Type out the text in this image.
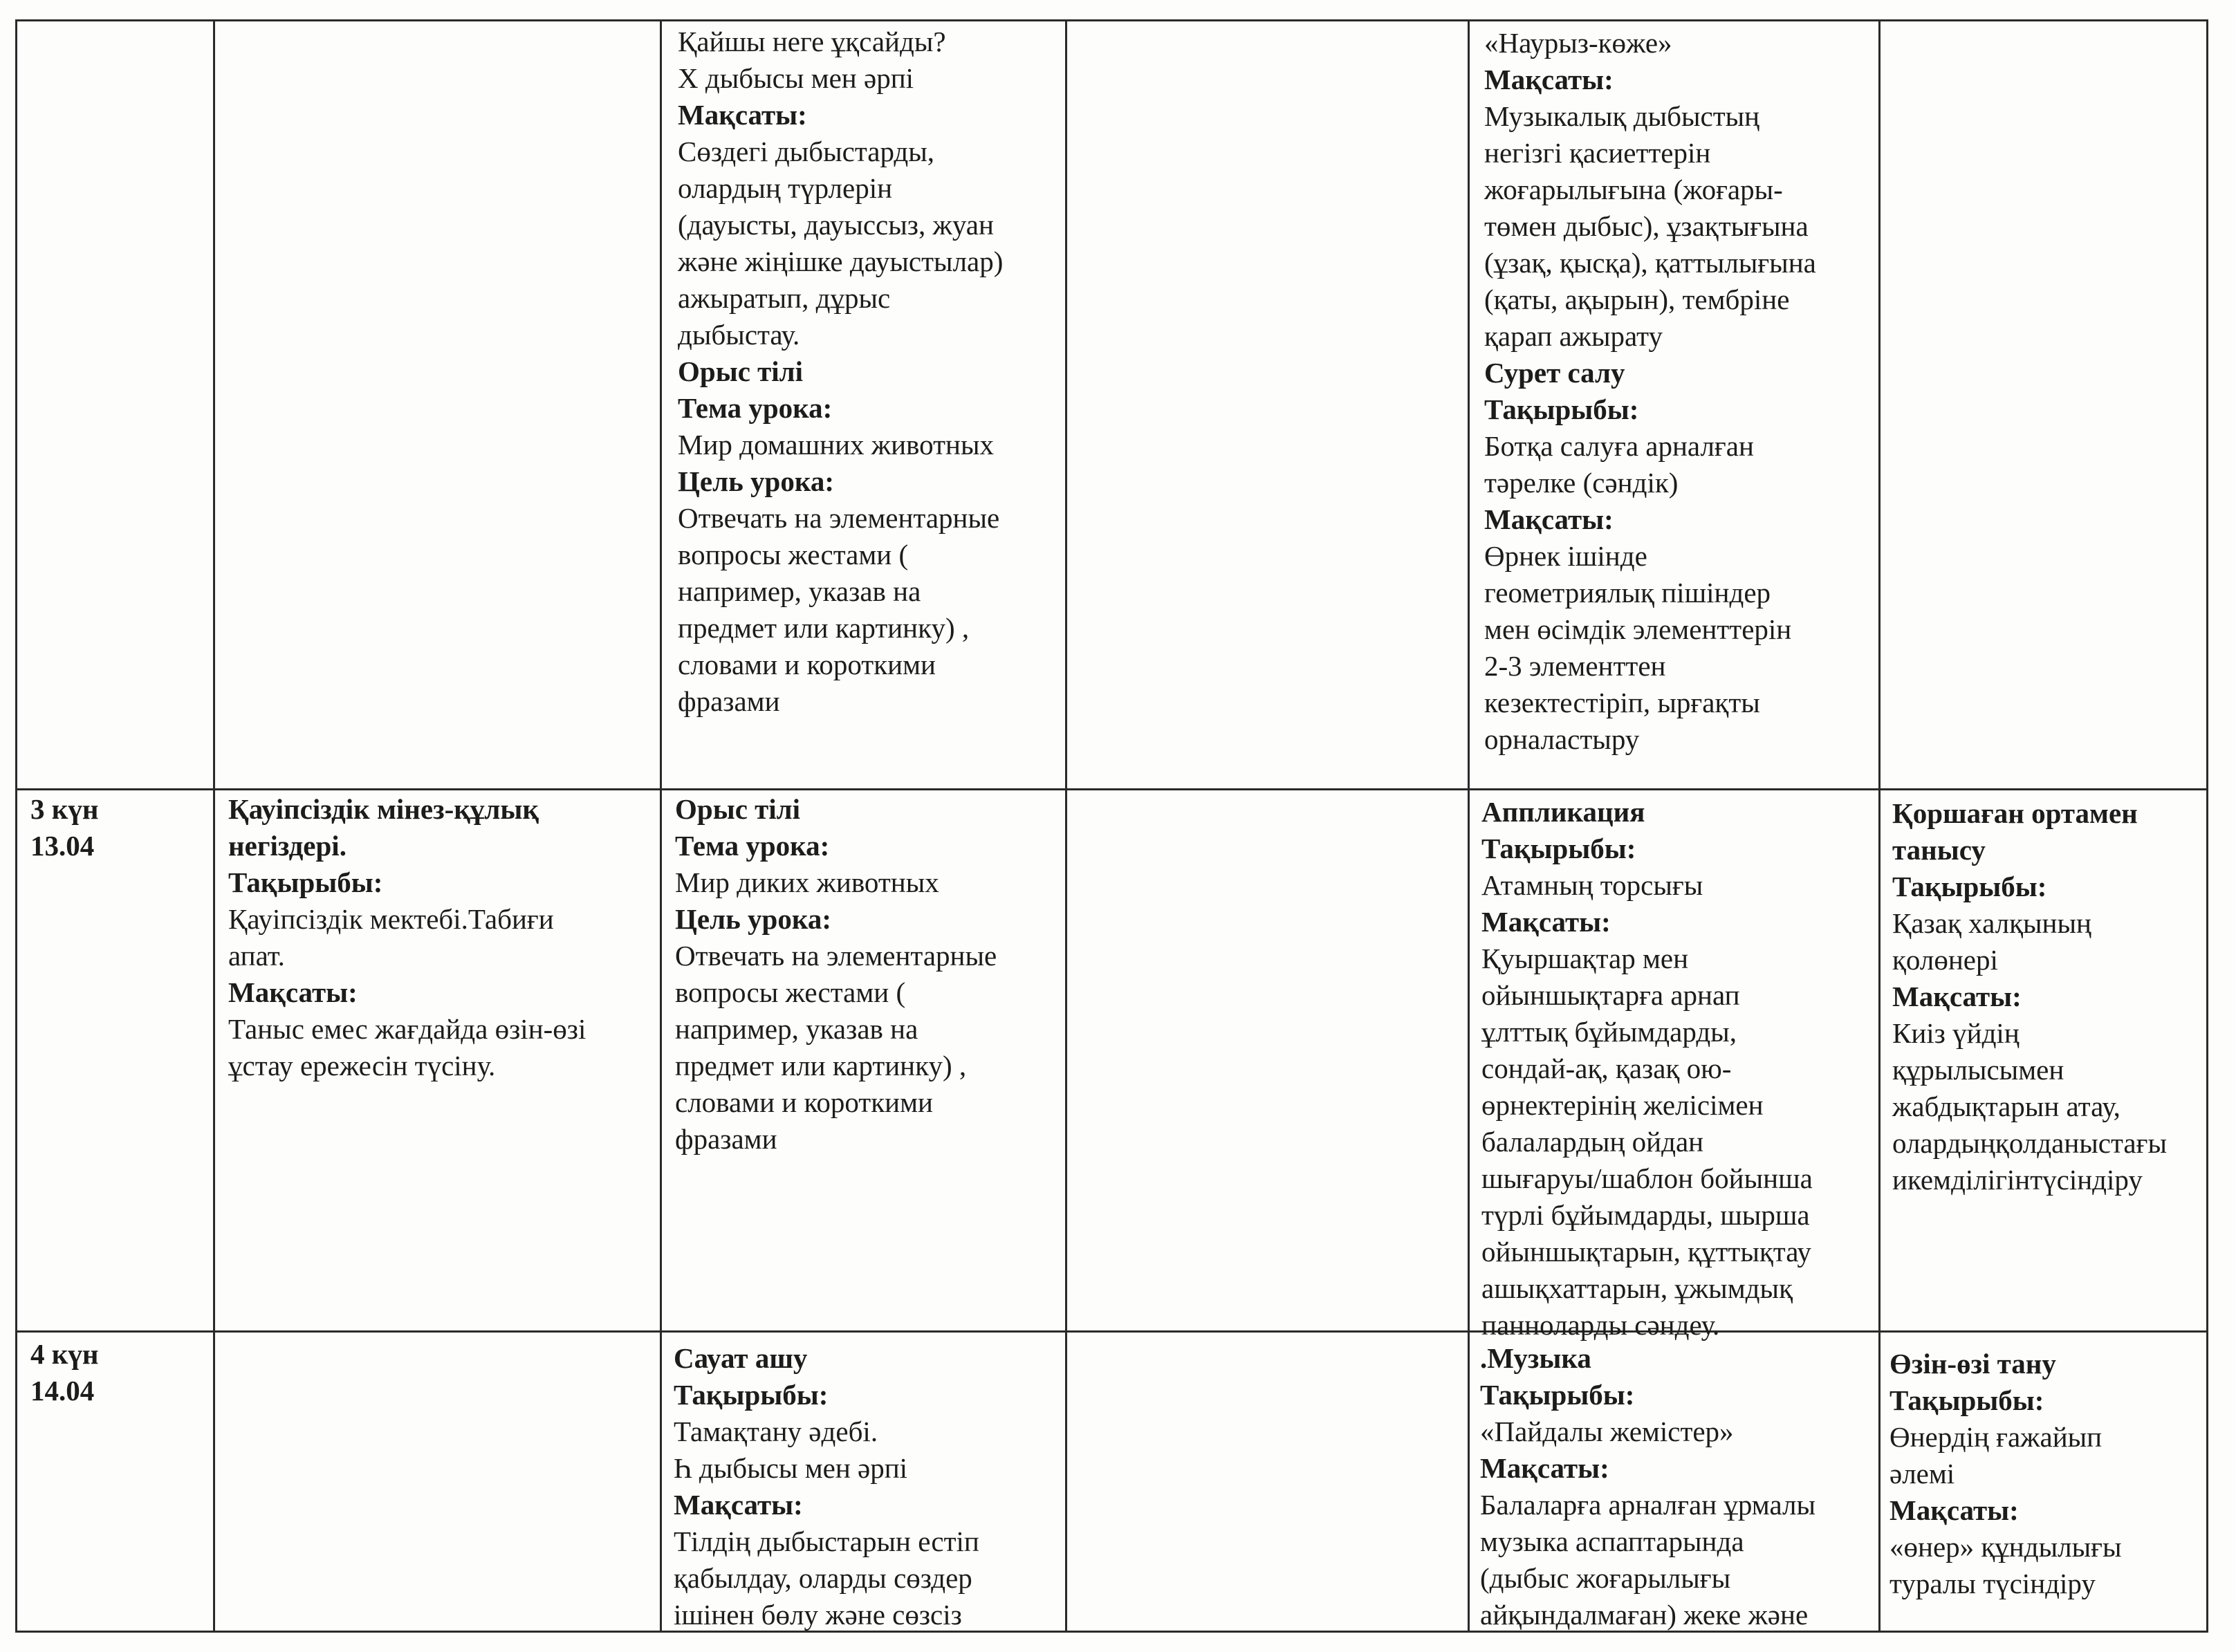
Қайшы неге ұқсайды?
Х дыбысы мен әрпі
Мақсаты:
Сөздегі дыбыстарды,
олардың түрлерін
(дауысты, дауыссыз, жуан
және жіңішке дауыстылар)
ажыратып, дұрыс
дыбыстау.
Орыс тілі
Тема урока:
Мир домашних животных
Цель урока:
Отвечать на элементарные
вопросы жестами (
например, указав на
предмет или картинку) ,
словами и короткими
фразами
«Наурыз-көже»
Мақсаты:
Музыкалық дыбыстың
негізгі қасиеттерін
жоғарылығына (жоғары-
төмен дыбыс), ұзақтығына
(ұзақ, қысқа), қаттылығына
(қаты, ақырын), тембріне
қарап ажырату
Сурет салу
Тақырыбы:
Ботқа салуға арналған
тәрелке (сәндік)
Мақсаты:
Өрнек ішінде
геометриялық пішіндер
мен өсімдік элементтерін
2-3 элементтен
кезектестіріп, ырғақты
орналастыру
3 күн
13.04
Қауіпсіздік мінез-құлық
негіздері.
Тақырыбы:
Қауіпсіздік мектебі.Табиғи
апат.
Мақсаты:
Таныс емес жағдайда өзін-өзі
ұстау ережесін түсіну.
Орыс тілі
Тема урока:
Мир диких животных
Цель урока:
Отвечать на элементарные
вопросы жестами (
например, указав на
предмет или картинку) ,
словами и короткими
фразами
Аппликация
Тақырыбы:
Атамның торсығы
Мақсаты:
Қуыршақтар мен
ойыншықтарға арнап
ұлттық бұйымдарды,
сондай-ақ, қазақ ою-
өрнектерінің желісімен
балалардың ойдан
шығаруы/шаблон бойынша
түрлі бұйымдарды, шырша
ойыншықтарын, құттықтау
ашықхаттарын, ұжымдық
панноларды сәндеу.
Қоршаған ортамен
танысу
Тақырыбы:
Қазақ халқының
қолөнері
Мақсаты:
Киіз үйдің
құрылысымен
жабдықтарын атау,
олардыңқолданыстағы
икемділігінтүсіндіру
4 күн
14.04
Сауат ашу
Тақырыбы:
Тамақтану әдебі.
Һ дыбысы мен әрпі
Мақсаты:
Тілдің дыбыстарын естіп
қабылдау, оларды сөздер
ішінен бөлу және сөзсіз
.Музыка
Тақырыбы:
«Пайдалы жемістер»
Мақсаты:
Балаларға арналған ұрмалы
музыка аспаптарында
(дыбыс жоғарылығы
айқындалмаған) жеке және
Өзін-өзі тану
Тақырыбы:
Өнердің ғажайып
әлемі
Мақсаты:
«өнер» құндылығы
туралы түсіндіру
